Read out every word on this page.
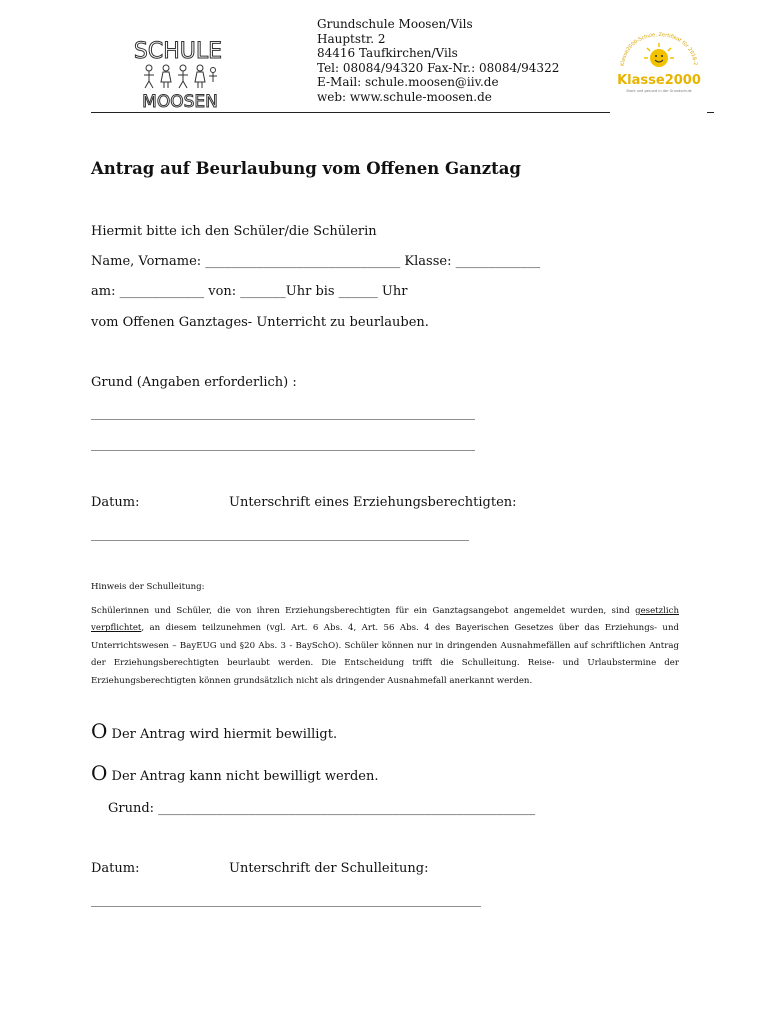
SCHULE
MOOSEN
Grundschule Moosen/Vils
Hauptstr. 2
84416 Taufkirchen/Vils
Tel: 08084/94320 Fax-Nr.: 08084/94322
E-Mail: schule.moosen@iiv.de
web: www.schule-moosen.de
Klasse2000-Schule, Zertifikat für 2018-2
Klasse2000
Stark und gesund in der Grundschule
Antrag auf Beurlaubung vom Offenen Ganztag
Hiermit bitte ich den Schüler/die Schülerin
Name, Vorname: ______________________________ Klasse: _____________
am: _____________ von: _______Uhr bis ______ Uhr
vom Offenen Ganztages- Unterricht zu beurlauben.
Grund (Angaben erforderlich) :
________________________________________________________________
________________________________________________________________
Datum:	Unterschrift eines Erziehungsberechtigten:
_______________________________________________________________
Hinweis der Schulleitung:
Schülerinnen und Schüler, die von ihren Erziehungsberechtigten für ein Ganztagsangebot angemeldet wurden, sind gesetzlich verpflichtet, an diesem teilzunehmen (vgl. Art. 6 Abs. 4, Art. 56 Abs. 4 des Bayerischen Gesetzes über das Erziehungs- und Unterrichtswesen – BayEUG und §20 Abs. 3 - BaySchO). Schüler können nur in dringenden Ausnahmefällen auf schriftlichen Antrag der Erziehungsberechtigten beurlaubt werden. Die Entscheidung trifft die Schulleitung. Reise- und Urlaubstermine der Erziehungsberechtigten können grundsätzlich nicht als dringender Ausnahmefall anerkannt werden.
O Der Antrag wird hiermit bewilligt.
O Der Antrag kann nicht bewilligt werden.
Grund: __________________________________________________________
Datum:	Unterschrift der Schulleitung:
_________________________________________________________________
